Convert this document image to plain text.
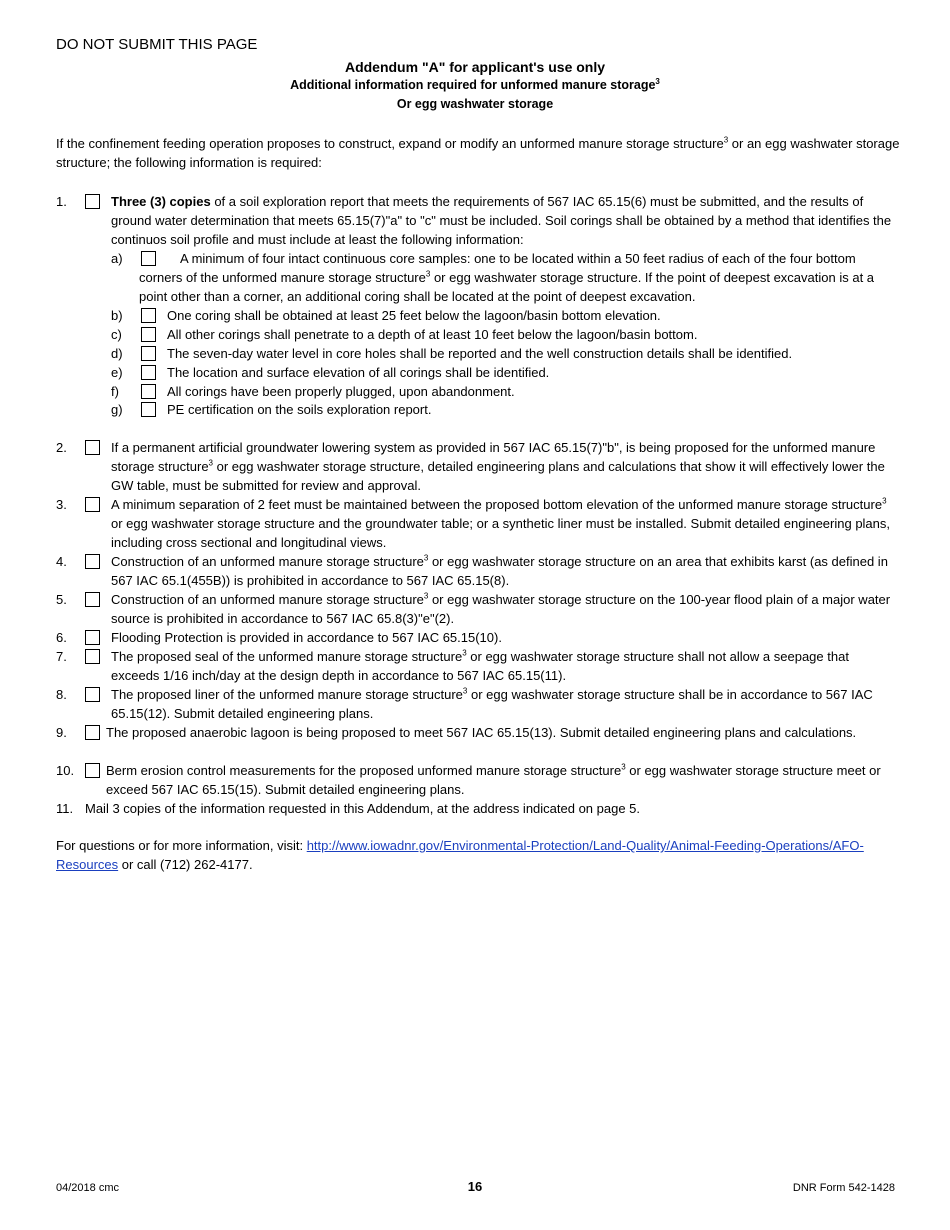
DO NOT SUBMIT THIS PAGE
Addendum "A" for applicant's use only
Additional information required for unformed manure storage$^3$
Or egg washwater storage
If the confinement feeding operation proposes to construct, expand or modify an unformed manure storage structure$^3$ or an egg washwater storage structure; the following information is required:
1.	Three (3) copies of a soil exploration report that meets the requirements of 567 IAC 65.15(6) must be submitted, and the results of ground water determination that meets 65.15(7)"a" to "c" must be included. Soil corings shall be obtained by a method that identifies the continuos soil profile and must include at least the following information:
a)	A minimum of four intact continuous core samples: one to be located within a 50 feet radius of each of the four bottom corners of the unformed manure storage structure$^3$ or egg washwater storage structure. If the point of deepest excavation is at a point other than a corner, an additional coring shall be located at the point of deepest excavation.
b)	One coring shall be obtained at least 25 feet below the lagoon/basin bottom elevation.
c)	All other corings shall penetrate to a depth of at least 10 feet below the lagoon/basin bottom.
d)	The seven-day water level in core holes shall be reported and the well construction details shall be identified.
e)	The location and surface elevation of all corings shall be identified.
f)	All corings have been properly plugged, upon abandonment.
g)	PE certification on the soils exploration report.
2.	If a permanent artificial groundwater lowering system as provided in 567 IAC 65.15(7)"b", is being proposed for the unformed manure storage structure$^3$ or egg washwater storage structure, detailed engineering plans and calculations that show it will effectively lower the GW table, must be submitted for review and approval.
3.	A minimum separation of 2 feet must be maintained between the proposed bottom elevation of the unformed manure storage structure$^3$ or egg washwater storage structure and the groundwater table; or a synthetic liner must be installed. Submit detailed engineering plans, including cross sectional and longitudinal views.
4.	Construction of an unformed manure storage structure$^3$ or egg washwater storage structure on an area that exhibits karst (as defined in 567 IAC 65.1(455B)) is prohibited in accordance to 567 IAC 65.15(8).
5.	Construction of an unformed manure storage structure$^3$ or egg washwater storage structure on the 100-year flood plain of a major water source is prohibited in accordance to 567 IAC 65.8(3)"e"(2).
6.	Flooding Protection is provided in accordance to 567 IAC 65.15(10).
7.	The proposed seal of the unformed manure storage structure$^3$ or egg washwater storage structure shall not allow a seepage that exceeds 1/16 inch/day at the design depth in accordance to 567 IAC 65.15(11).
8.	The proposed liner of the unformed manure storage structure$^3$ or egg washwater storage structure shall be in accordance to 567 IAC 65.15(12). Submit detailed engineering plans.
9.	The proposed anaerobic lagoon is being proposed to meet 567 IAC 65.15(13). Submit detailed engineering plans and calculations.
10. Berm erosion control measurements for the proposed unformed manure storage structure$^3$ or egg washwater storage structure meet or exceed 567 IAC 65.15(15). Submit detailed engineering plans.
11. Mail 3 copies of the information requested in this Addendum, at the address indicated on page 5.
For questions or for more information, visit: http://www.iowadnr.gov/Environmental-Protection/Land-Quality/Animal-Feeding-Operations/AFO-Resources or call (712) 262-4177.
04/2018 cmc	16	DNR Form 542-1428
